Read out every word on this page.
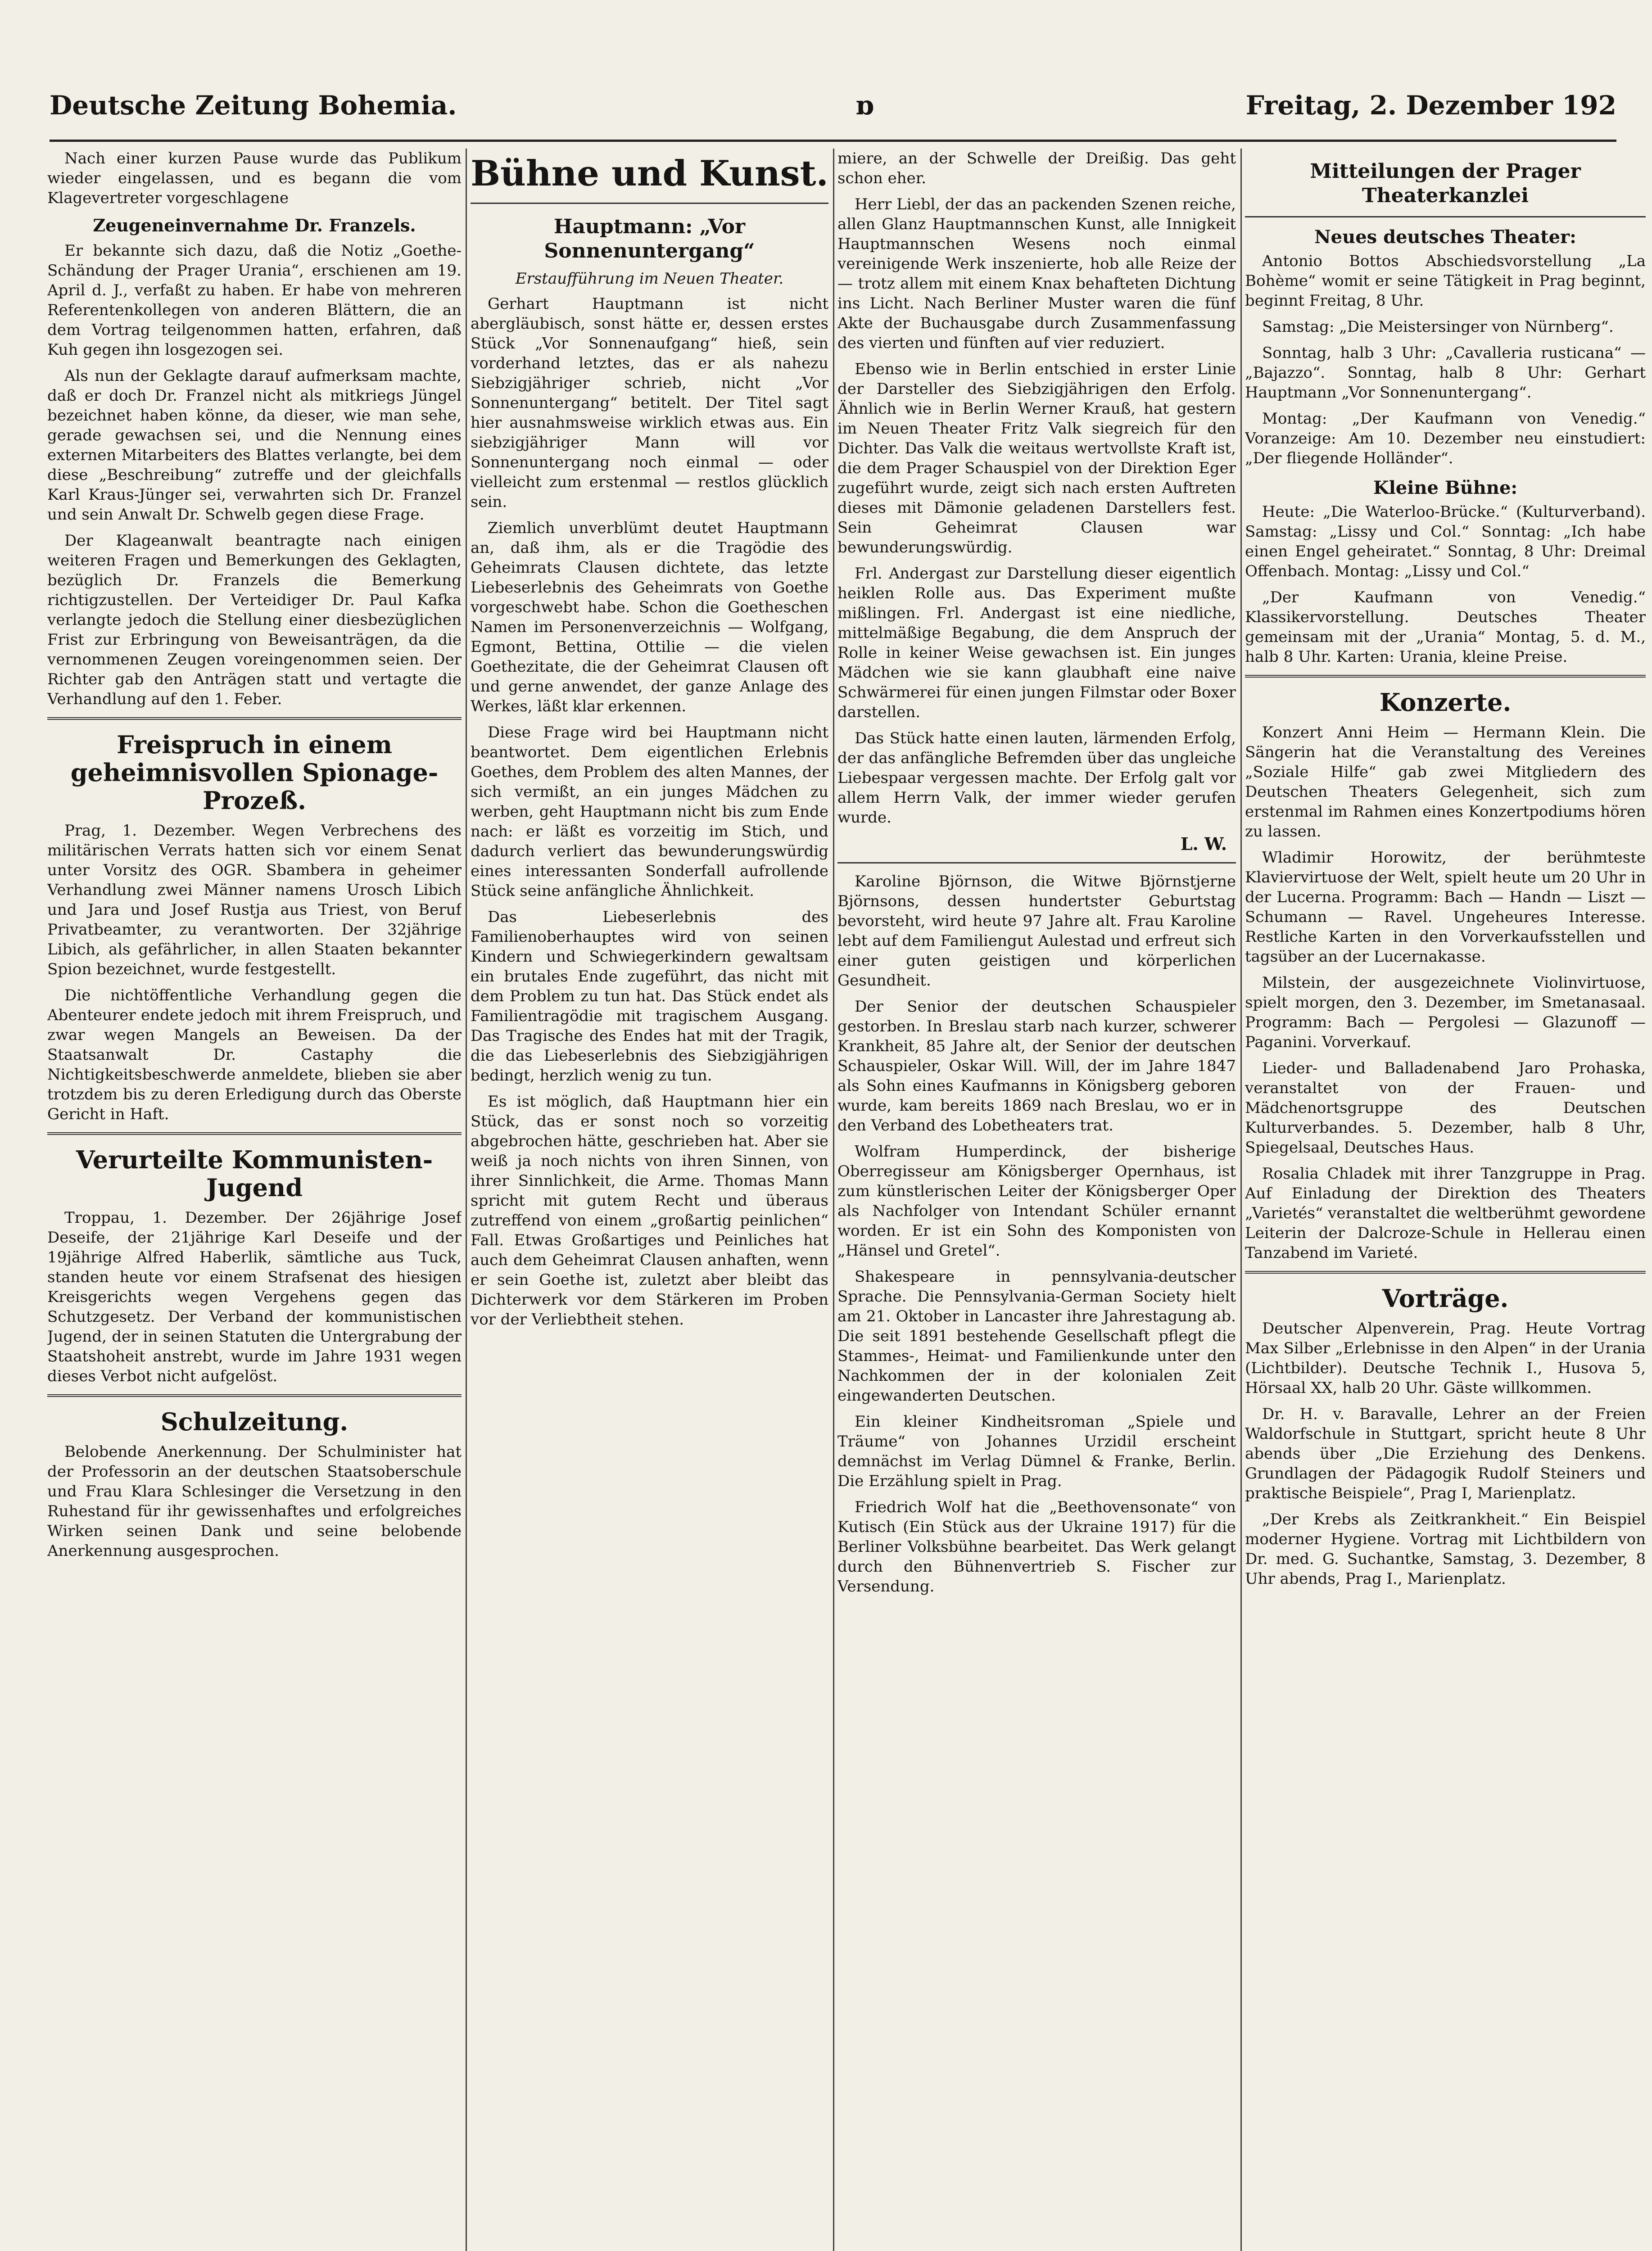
Deutsche Zeitung Bohemia.	ɒ	Freitag, 2. Dezember 192

Nach einer kurzen Pause wurde das Publikum wieder eingelassen, und es begann die vom Klagevertreter vorgeschlagene

Zeugeneinvernahme Dr. Franzels.

Er bekannte sich dazu, daß die Notiz „Goethe-Schändung der Prager Urania“, erschienen am 19. April d. J., verfaßt zu haben. Er habe von mehreren Referentenkollegen von anderen Blättern, die an dem Vortrag teilgenommen hatten, erfahren, daß Kuh gegen ihn losgezogen sei.

Als nun der Geklagte darauf aufmerksam machte, daß er doch Dr. Franzel nicht als mitkriegs Jüngel bezeichnet haben könne, da dieser, wie man sehe, gerade gewachsen sei, und die Nennung eines externen Mitarbeiters des Blattes verlangte, bei dem diese „Beschreibung“ zutreffe und der gleichfalls Karl Kraus-Jünger sei, verwahrten sich Dr. Franzel und sein Anwalt Dr. Schwelb gegen diese Frage.

Der Klageanwalt beantragte nach einigen weiteren Fragen und Bemerkungen des Geklagten, bezüglich Dr. Franzels die Bemerkung richtigzustellen. Der Verteidiger Dr. Paul Kafka verlangte jedoch die Stellung einer diesbezüglichen Frist zur Erbringung von Beweisanträgen, da die vernommenen Zeugen voreingenommen seien. Der Richter gab den Anträgen statt und vertagte die Verhandlung auf den 1. Feber.

Freispruch in einem geheimnisvollen Spionage-Prozeß.

Prag, 1. Dezember. Wegen Verbrechens des militärischen Verrats hatten sich vor einem Senat unter Vorsitz des OGR. Sbambera in geheimer Verhandlung zwei Männer namens Urosch Libich und Jara und Josef Rustja aus Triest, von Beruf Privatbeamter, zu verantworten. Der 32jährige Libich, als gefährlicher, in allen Staaten bekannter Spion bezeichnet, wurde festgestellt.

Die nichtöffentliche Verhandlung gegen die Abenteurer endete jedoch mit ihrem Freispruch, und zwar wegen Mangels an Beweisen. Da der Staatsanwalt Dr. Castaphy die Nichtigkeitsbeschwerde anmeldete, blieben sie aber trotzdem bis zu deren Erledigung durch das Oberste Gericht in Haft.

Verurteilte Kommunisten-Jugend

Troppau, 1. Dezember. Der 26jährige Josef Deseife, der 21jährige Karl Deseife und der 19jährige Alfred Haberlik, sämtliche aus Tuck, standen heute vor einem Strafsenat des hiesigen Kreisgerichts wegen Vergehens gegen das Schutzgesetz. Der Verband der kommunistischen Jugend, der in seinen Statuten die Untergrabung der Staatshoheit anstrebt, wurde im Jahre 1931 wegen dieses Verbot nicht aufgelöst.

Schulzeitung.

Belobende Anerkennung. Der Schulminister hat der Professorin an der deutschen Staatsoberschule und Frau Klara Schlesinger die Versetzung in den Ruhestand für ihr gewissenhaftes und erfolgreiches Wirken seinen Dank und seine belobende Anerkennung ausgesprochen.

Bühne und Kunst.
Hauptmann: „Vor Sonnenuntergang“
Erstaufführung im Neuen Theater.

Gerhart Hauptmann ist nicht abergläubisch, sonst hätte er, dessen erstes Stück „Vor Sonnenaufgang“ hieß, sein vorderhand letztes, das er als nahezu Siebzigjähriger schrieb, nicht „Vor Sonnenuntergang“ betitelt. Der Titel sagt hier ausnahmsweise wirklich etwas aus. Ein siebzigjähriger Mann will vor Sonnenuntergang noch einmal — oder vielleicht zum erstenmal — restlos glücklich sein.

Ziemlich unverblümt deutet Hauptmann an, daß ihm, als er die Tragödie des Geheimrats Clausen dichtete, das letzte Liebeserlebnis des Geheimrats von Goethe vorgeschwebt habe. Schon die Goetheschen Namen im Personenverzeichnis — Wolfgang, Egmont, Bettina, Ottilie — die vielen Goethezitate, die der Geheimrat Clausen oft und gerne anwendet, der ganze Anlage des Werkes, läßt klar erkennen.

Diese Frage wird bei Hauptmann nicht beantwortet. Dem eigentlichen Erlebnis Goethes, dem Problem des alten Mannes, der sich vermißt, an ein junges Mädchen zu werben, geht Hauptmann nicht bis zum Ende nach: er läßt es vorzeitig im Stich, und dadurch verliert das bewunderungswürdig eines interessanten Sonderfall aufrollende Stück seine anfängliche Ähnlichkeit.

Das Liebeserlebnis des Familienoberhauptes wird von seinen Kindern und Schwiegerkindern gewaltsam ein brutales Ende zugeführt, das nicht mit dem Problem zu tun hat. Das Stück endet als Familientragödie mit tragischem Ausgang. Das Tragische des Endes hat mit der Tragik, die das Liebeserlebnis des Siebzigjährigen bedingt, herzlich wenig zu tun.

Es ist möglich, daß Hauptmann hier ein Stück, das er sonst noch so vorzeitig abgebrochen hätte, geschrieben hat. Aber sie weiß ja noch nichts von ihren Sinnen, von ihrer Sinnlichkeit, die Arme. Thomas Mann spricht mit gutem Recht und überaus zutreffend von einem „großartig peinlichen“ Fall. Etwas Großartiges und Peinliches hat auch dem Geheimrat Clausen anhaften, wenn er sein Goethe ist, zuletzt aber bleibt das Dichterwerk vor dem Stärkeren im Proben vor der Verliebtheit stehen.

miere, an der Schwelle der Dreißig. Das geht schon eher.

Herr Liebl, der das an packenden Szenen reiche, allen Glanz Hauptmannschen Kunst, alle Innigkeit Hauptmannschen Wesens noch einmal vereinigende Werk inszenierte, hob alle Reize der — trotz allem mit einem Knax behafteten Dichtung ins Licht. Nach Berliner Muster waren die fünf Akte der Buchausgabe durch Zusammenfassung des vierten und fünften auf vier reduziert.

Ebenso wie in Berlin entschied in erster Linie der Darsteller des Siebzigjährigen den Erfolg. Ähnlich wie in Berlin Werner Krauß, hat gestern im Neuen Theater Fritz Valk siegreich für den Dichter. Das Valk die weitaus wertvollste Kraft ist, die dem Prager Schauspiel von der Direktion Eger zugeführt wurde, zeigt sich nach ersten Auftreten dieses mit Dämonie geladenen Darstellers fest. Sein Geheimrat Clausen war bewunderungswürdig.

Frl. Andergast zur Darstellung dieser eigentlich heiklen Rolle aus. Das Experiment mußte mißlingen. Frl. Andergast ist eine niedliche, mittelmäßige Begabung, die dem Anspruch der Rolle in keiner Weise gewachsen ist. Ein junges Mädchen wie sie kann glaubhaft eine naive Schwärmerei für einen jungen Filmstar oder Boxer darstellen.

Das Stück hatte einen lauten, lärmenden Erfolg, der das anfängliche Befremden über das ungleiche Liebespaar vergessen machte. Der Erfolg galt vor allem Herrn Valk, der immer wieder gerufen wurde.

L. W.

Karoline Björnson, die Witwe Björnstjerne Björnsons, dessen hundertster Geburtstag bevorsteht, wird heute 97 Jahre alt. Frau Karoline lebt auf dem Familiengut Aulestad und erfreut sich einer guten geistigen und körperlichen Gesundheit.

Der Senior der deutschen Schauspieler gestorben. In Breslau starb nach kurzer, schwerer Krankheit, 85 Jahre alt, der Senior der deutschen Schauspieler, Oskar Will. Will, der im Jahre 1847 als Sohn eines Kaufmanns in Königsberg geboren wurde, kam bereits 1869 nach Breslau, wo er in den Verband des Lobetheaters trat.

Wolfram Humperdinck, der bisherige Oberregisseur am Königsberger Opernhaus, ist zum künstlerischen Leiter der Königsberger Oper als Nachfolger von Intendant Schüler ernannt worden. Er ist ein Sohn des Komponisten von „Hänsel und Gretel“.

Shakespeare in pennsylvania-deutscher Sprache. Die Pennsylvania-German Society hielt am 21. Oktober in Lancaster ihre Jahrestagung ab. Die seit 1891 bestehende Gesellschaft pflegt die Stammes-, Heimat- und Familienkunde unter den Nachkommen der in der kolonialen Zeit eingewanderten Deutschen.

Ein kleiner Kindheitsroman „Spiele und Träume“ von Johannes Urzidil erscheint demnächst im Verlag Dümnel & Franke, Berlin. Die Erzählung spielt in Prag.

Friedrich Wolf hat die „Beethovensonate“ von Kutisch (Ein Stück aus der Ukraine 1917) für die Berliner Volksbühne bearbeitet. Das Werk gelangt durch den Bühnenvertrieb S. Fischer zur Versendung.

Mitteilungen der Prager Theaterkanzlei
Neues deutsches Theater:

Antonio Bottos Abschiedsvorstellung „La Bohème“ womit er seine Tätigkeit in Prag beginnt, beginnt Freitag, 8 Uhr.

Samstag: „Die Meistersinger von Nürnberg“.

Sonntag, halb 3 Uhr: „Cavalleria rusticana“ — „Bajazzo“. Sonntag, halb 8 Uhr: Gerhart Hauptmann „Vor Sonnenuntergang“.

Montag: „Der Kaufmann von Venedig.“ Voranzeige: Am 10. Dezember neu einstudiert: „Der fliegende Holländer“.

Kleine Bühne:

Heute: „Die Waterloo-Brücke.“ (Kulturverband). Samstag: „Lissy und Col.“ Sonntag: „Ich habe einen Engel geheiratet.“ Sonntag, 8 Uhr: Dreimal Offenbach. Montag: „Lissy und Col.“

„Der Kaufmann von Venedig.“ Klassikervorstellung. Deutsches Theater gemeinsam mit der „Urania“ Montag, 5. d. M., halb 8 Uhr. Karten: Urania, kleine Preise.

Konzerte.

Konzert Anni Heim — Hermann Klein. Die Sängerin hat die Veranstaltung des Vereines „Soziale Hilfe“ gab zwei Mitgliedern des Deutschen Theaters Gelegenheit, sich zum erstenmal im Rahmen eines Konzertpodiums hören zu lassen.

Wladimir Horowitz, der berühmteste Klaviervirtuose der Welt, spielt heute um 20 Uhr in der Lucerna. Programm: Bach — Handn — Liszt — Schumann — Ravel. Ungeheures Interesse. Restliche Karten in den Vorverkaufsstellen und tagsüber an der Lucernakasse.

Milstein, der ausgezeichnete Violinvirtuose, spielt morgen, den 3. Dezember, im Smetanasaal. Programm: Bach — Pergolesi — Glazunoff — Paganini. Vorverkauf.

Lieder- und Balladenabend Jaro Prohaska, veranstaltet von der Frauen- und Mädchenortsgruppe des Deutschen Kulturverbandes. 5. Dezember, halb 8 Uhr, Spiegelsaal, Deutsches Haus.

Rosalia Chladek mit ihrer Tanzgruppe in Prag. Auf Einladung der Direktion des Theaters „Varietés“ veranstaltet die weltberühmt gewordene Leiterin der Dalcroze-Schule in Hellerau einen Tanzabend im Varieté.

Vorträge.

Deutscher Alpenverein, Prag. Heute Vortrag Max Silber „Erlebnisse in den Alpen“ in der Urania (Lichtbilder). Deutsche Technik I., Husova 5, Hörsaal XX, halb 20 Uhr. Gäste willkommen.

Dr. H. v. Baravalle, Lehrer an der Freien Waldorfschule in Stuttgart, spricht heute 8 Uhr abends über „Die Erziehung des Denkens. Grundlagen der Pädagogik Rudolf Steiners und praktische Beispiele“, Prag I, Marienplatz.

„Der Krebs als Zeitkrankheit.“ Ein Beispiel moderner Hygiene. Vortrag mit Lichtbildern von Dr. med. G. Suchantke, Samstag, 3. Dezember, 8 Uhr abends, Prag I., Marienplatz.
